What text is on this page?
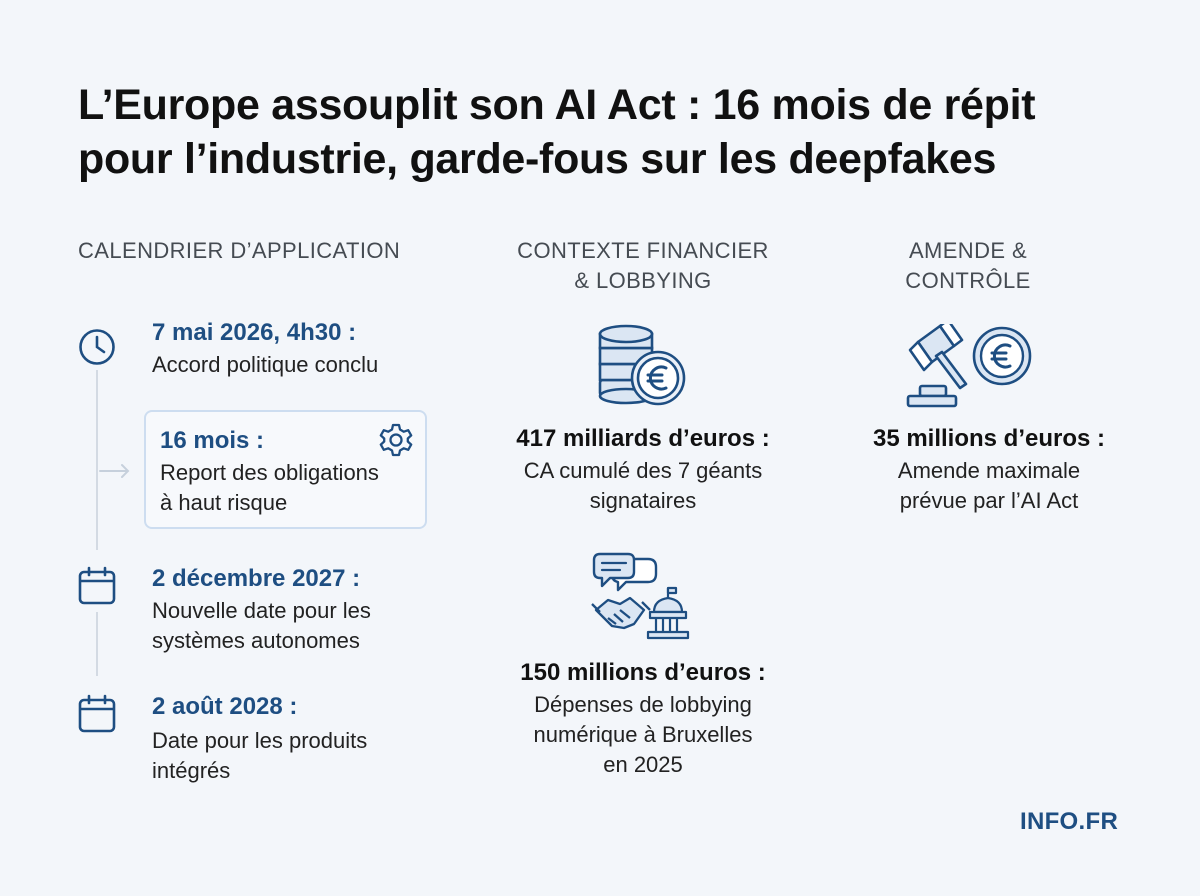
L’Europe assouplit son AI Act : 16 mois de répit
pour l’industrie, garde-fous sur les deepfakes
CALENDRIER D’APPLICATION	CONTEXTE FINANCIER
& LOBBYING
AMENDE &
CONTRÔLE
7 mai 2026, 4h30 :
Accord politique conclu
16 mois :
Report des obligations
à haut risque
2 décembre 2027 :
Nouvelle date pour les
systèmes autonomes
2 août 2028 :
Date pour les produits
intégrés
417 milliards d’euros :
CA cumulé des 7 géants
signataires
150 millions d’euros :
Dépenses de lobbying
numérique à Bruxelles
en 2025
35 millions d’euros :
Amende maximale
prévue par l’AI Act
INFO.FR
